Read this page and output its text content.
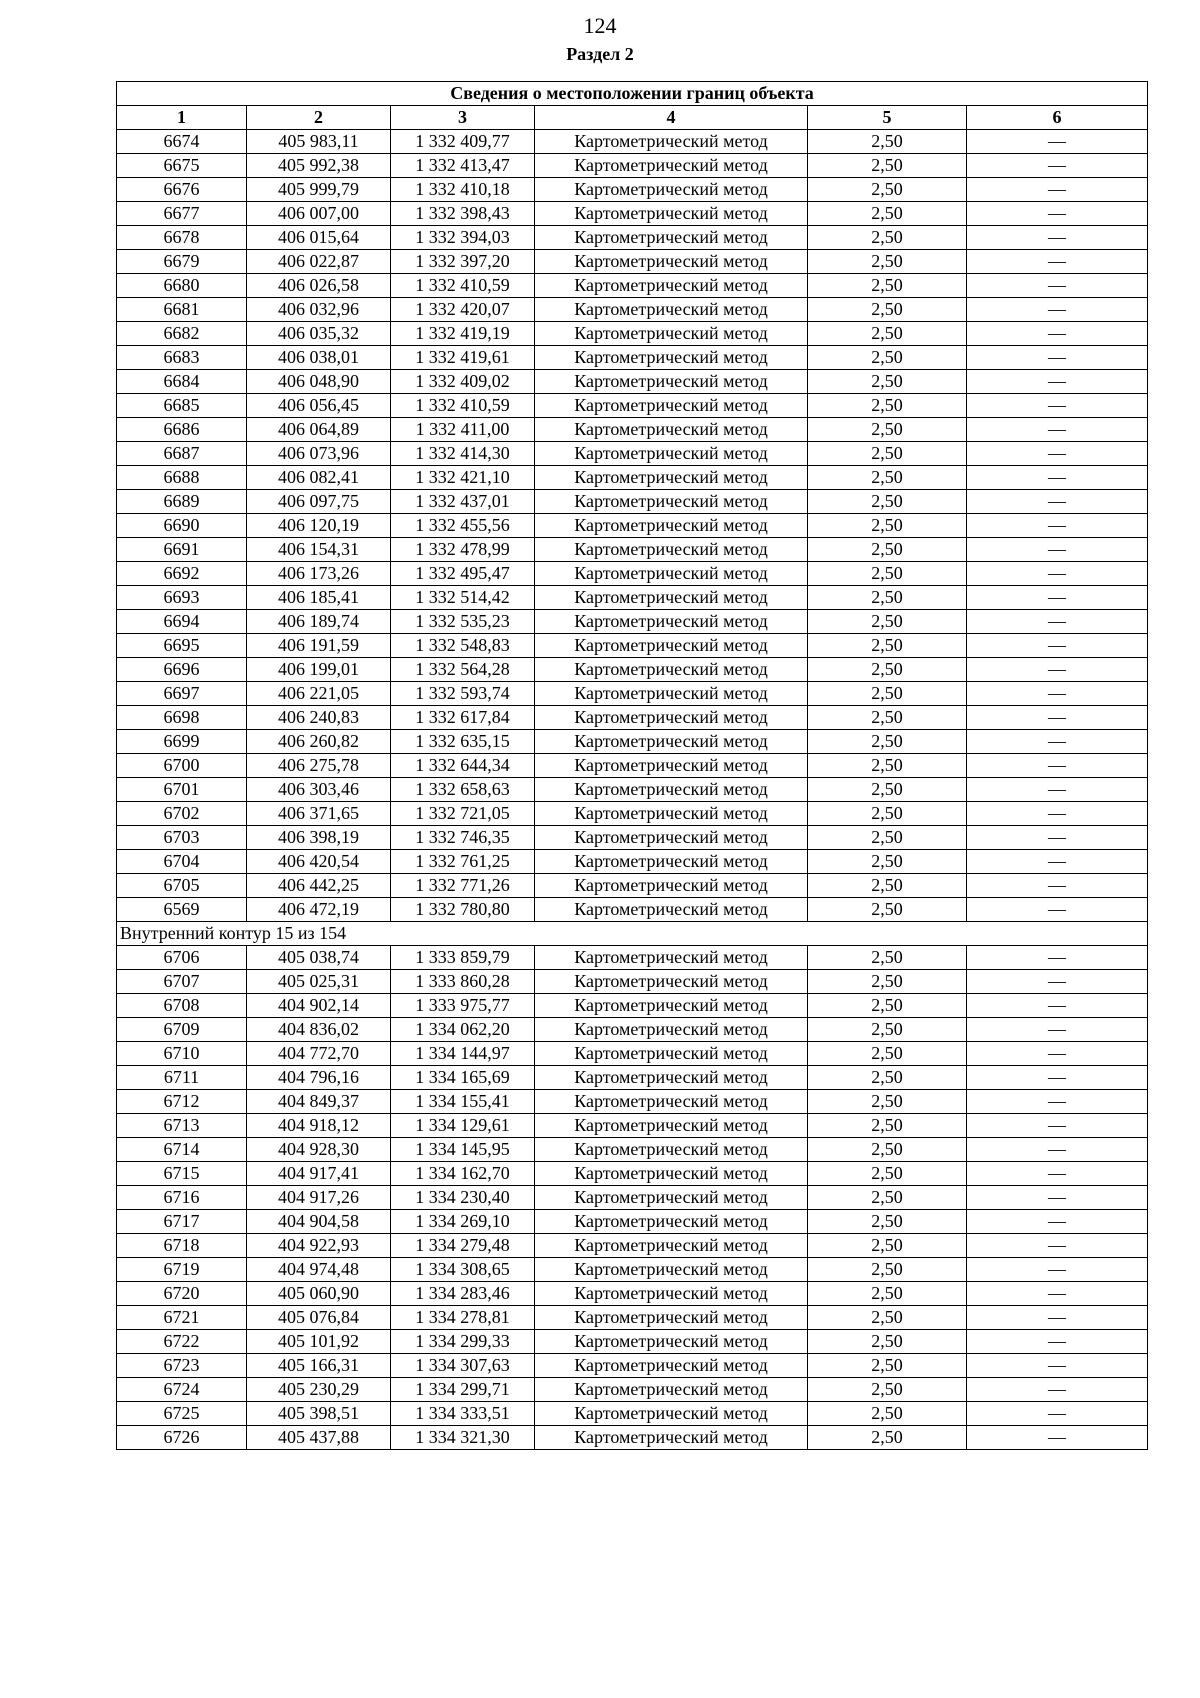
124
Раздел 2
Сведения о местоположении границ объекта					
1	2	3	4	5	6
6674	405 983,11	1 332 409,77	Картометрический метод	2,50	—
6675	405 992,38	1 332 413,47	Картометрический метод	2,50	—
6676	405 999,79	1 332 410,18	Картометрический метод	2,50	—
6677	406 007,00	1 332 398,43	Картометрический метод	2,50	—
6678	406 015,64	1 332 394,03	Картометрический метод	2,50	—
6679	406 022,87	1 332 397,20	Картометрический метод	2,50	—
6680	406 026,58	1 332 410,59	Картометрический метод	2,50	—
6681	406 032,96	1 332 420,07	Картометрический метод	2,50	—
6682	406 035,32	1 332 419,19	Картометрический метод	2,50	—
6683	406 038,01	1 332 419,61	Картометрический метод	2,50	—
6684	406 048,90	1 332 409,02	Картометрический метод	2,50	—
6685	406 056,45	1 332 410,59	Картометрический метод	2,50	—
6686	406 064,89	1 332 411,00	Картометрический метод	2,50	—
6687	406 073,96	1 332 414,30	Картометрический метод	2,50	—
6688	406 082,41	1 332 421,10	Картометрический метод	2,50	—
6689	406 097,75	1 332 437,01	Картометрический метод	2,50	—
6690	406 120,19	1 332 455,56	Картометрический метод	2,50	—
6691	406 154,31	1 332 478,99	Картометрический метод	2,50	—
6692	406 173,26	1 332 495,47	Картометрический метод	2,50	—
6693	406 185,41	1 332 514,42	Картометрический метод	2,50	—
6694	406 189,74	1 332 535,23	Картометрический метод	2,50	—
6695	406 191,59	1 332 548,83	Картометрический метод	2,50	—
6696	406 199,01	1 332 564,28	Картометрический метод	2,50	—
6697	406 221,05	1 332 593,74	Картометрический метод	2,50	—
6698	406 240,83	1 332 617,84	Картометрический метод	2,50	—
6699	406 260,82	1 332 635,15	Картометрический метод	2,50	—
6700	406 275,78	1 332 644,34	Картометрический метод	2,50	—
6701	406 303,46	1 332 658,63	Картометрический метод	2,50	—
6702	406 371,65	1 332 721,05	Картометрический метод	2,50	—
6703	406 398,19	1 332 746,35	Картометрический метод	2,50	—
6704	406 420,54	1 332 761,25	Картометрический метод	2,50	—
6705	406 442,25	1 332 771,26	Картометрический метод	2,50	—
6569	406 472,19	1 332 780,80	Картометрический метод	2,50	—
Внутренний контур 15 из 154					
6706	405 038,74	1 333 859,79	Картометрический метод	2,50	—
6707	405 025,31	1 333 860,28	Картометрический метод	2,50	—
6708	404 902,14	1 333 975,77	Картометрический метод	2,50	—
6709	404 836,02	1 334 062,20	Картометрический метод	2,50	—
6710	404 772,70	1 334 144,97	Картометрический метод	2,50	—
6711	404 796,16	1 334 165,69	Картометрический метод	2,50	—
6712	404 849,37	1 334 155,41	Картометрический метод	2,50	—
6713	404 918,12	1 334 129,61	Картометрический метод	2,50	—
6714	404 928,30	1 334 145,95	Картометрический метод	2,50	—
6715	404 917,41	1 334 162,70	Картометрический метод	2,50	—
6716	404 917,26	1 334 230,40	Картометрический метод	2,50	—
6717	404 904,58	1 334 269,10	Картометрический метод	2,50	—
6718	404 922,93	1 334 279,48	Картометрический метод	2,50	—
6719	404 974,48	1 334 308,65	Картометрический метод	2,50	—
6720	405 060,90	1 334 283,46	Картометрический метод	2,50	—
6721	405 076,84	1 334 278,81	Картометрический метод	2,50	—
6722	405 101,92	1 334 299,33	Картометрический метод	2,50	—
6723	405 166,31	1 334 307,63	Картометрический метод	2,50	—
6724	405 230,29	1 334 299,71	Картометрический метод	2,50	—
6725	405 398,51	1 334 333,51	Картометрический метод	2,50	—
6726	405 437,88	1 334 321,30	Картометрический метод	2,50	—
